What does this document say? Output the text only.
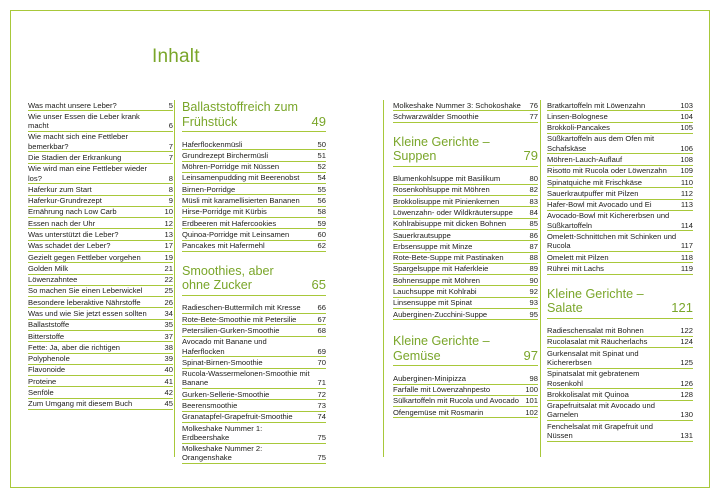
Inhalt
Was macht unsere Leber?	5
Wie unser Essen die Leber krank macht	6
Wie macht sich eine Fettleber bemerkbar?	7
Die Stadien der Erkrankung	7
Wie wird man eine Fettleber wieder los?	8
Haferkur zum Start	8
Haferkur-Grundrezept	9
Ernährung nach Low Carb	10
Essen nach der Uhr	12
Was unterstützt die Leber?	13
Was schadet der Leber?	17
Gezielt gegen Fettleber vorgehen	19
Golden Milk	21
Löwenzahntee	22
So machen Sie einen Leberwickel	25
Besondere leberaktive Nährstoffe	26
Was und wie Sie jetzt essen sollten	34
Ballaststoffe	35
Bitterstoffe	37
Fette: Ja, aber die richtigen	38
Polyphenole	39
Flavonoide	40
Proteine	41
Senföle	42
Zum Umgang mit diesem Buch	45
Ballaststoffreich zum Frühstück	49
Haferflockenmüsli	50
Grundrezept Birchermüsli	51
Möhren-Porridge mit Nüssen	52
Leinsamenpudding mit Beerenobst	54
Birnen-Porridge	55
Müsli mit karamellisierten Bananen	56
Hirse-Porridge mit Kürbis	58
Erdbeeren mit Hafercookies	59
Quinoa-Porridge mit Leinsamen	60
Pancakes mit Hafermehl	62
Smoothies, aber ohne Zucker	65
Radieschen-Buttermilch mit Kresse	66
Rote-Bete-Smoothie mit Petersilie	67
Petersilien-Gurken-Smoothie	68
Avocado mit Banane und Haferflocken	69
Spinat-Birnen-Smoothie	70
Rucola-Wassermelonen-Smoothie mit Banane	71
Gurken-Sellerie-Smoothie	72
Beerensmoothie	73
Granatapfel-Grapefruit-Smoothie	74
Molkeshake Nummer 1: Erdbeershake	75
Molkeshake Nummer 2: Orangenshake	75
Molkeshake Nummer 3: Schokoshake	76
Schwarzwälder Smoothie	77
Kleine Gerichte – Suppen	79
Blumenkohlsuppe mit Basilikum	80
Rosenkohlsuppe mit Möhren	82
Brokkolisuppe mit Pinienkernen	83
Löwenzahn- oder Wildkräutersuppe	84
Kohlrabisuppe mit dicken Bohnen	85
Sauerkrautsuppe	86
Erbsensuppe mit Minze	87
Rote-Bete-Suppe mit Pastinaken	88
Spargelsuppe mit Haferkleie	89
Bohnensuppe mit Möhren	90
Lauchsuppe mit Kohlrabi	92
Linsensuppe mit Spinat	93
Auberginen-Zucchini-Suppe	95
Kleine Gerichte – Gemüse	97
Auberginen-Minipizza	98
Farfalle mit Löwenzahnpesto	100
Sülkartoffeln mit Rucola und Avocado 101
Ofengemüse mit Rosmarin	102
Bratkartoffeln mit Löwenzahn	103
Linsen-Bolognese	104
Brokkoli-Pancakes	105
Süßkartoffeln aus dem Ofen mit Schafskäse	106
Möhren-Lauch-Auflauf	108
Risotto mit Rucola oder Löwenzahn	109
Spinatquiche mit Frischkäse	110
Sauerkrautpuffer mit Pilzen	112
Hafer-Bowl mit Avocado und Ei	113
Avocado-Bowl mit Kichererbsen und Süßkartoffeln	114
Omelett-Schnittchen mit Schinken und Rucola	117
Omelett mit Pilzen	118
Rührei mit Lachs	119
Kleine Gerichte – Salate	121
Radieschensalat mit Bohnen	122
Rucolasalat mit Räucherlachs	124
Gurkensalat mit Spinat und Kichererbsen	125
Spinatsalat mit gebratenem Rosenkohl	126
Brokkolisalat mit Quinoa	128
Grapefruitsalat mit Avocado und Garnelen	130
Fenchelsalat mit Grapefruit und Nüssen	131
